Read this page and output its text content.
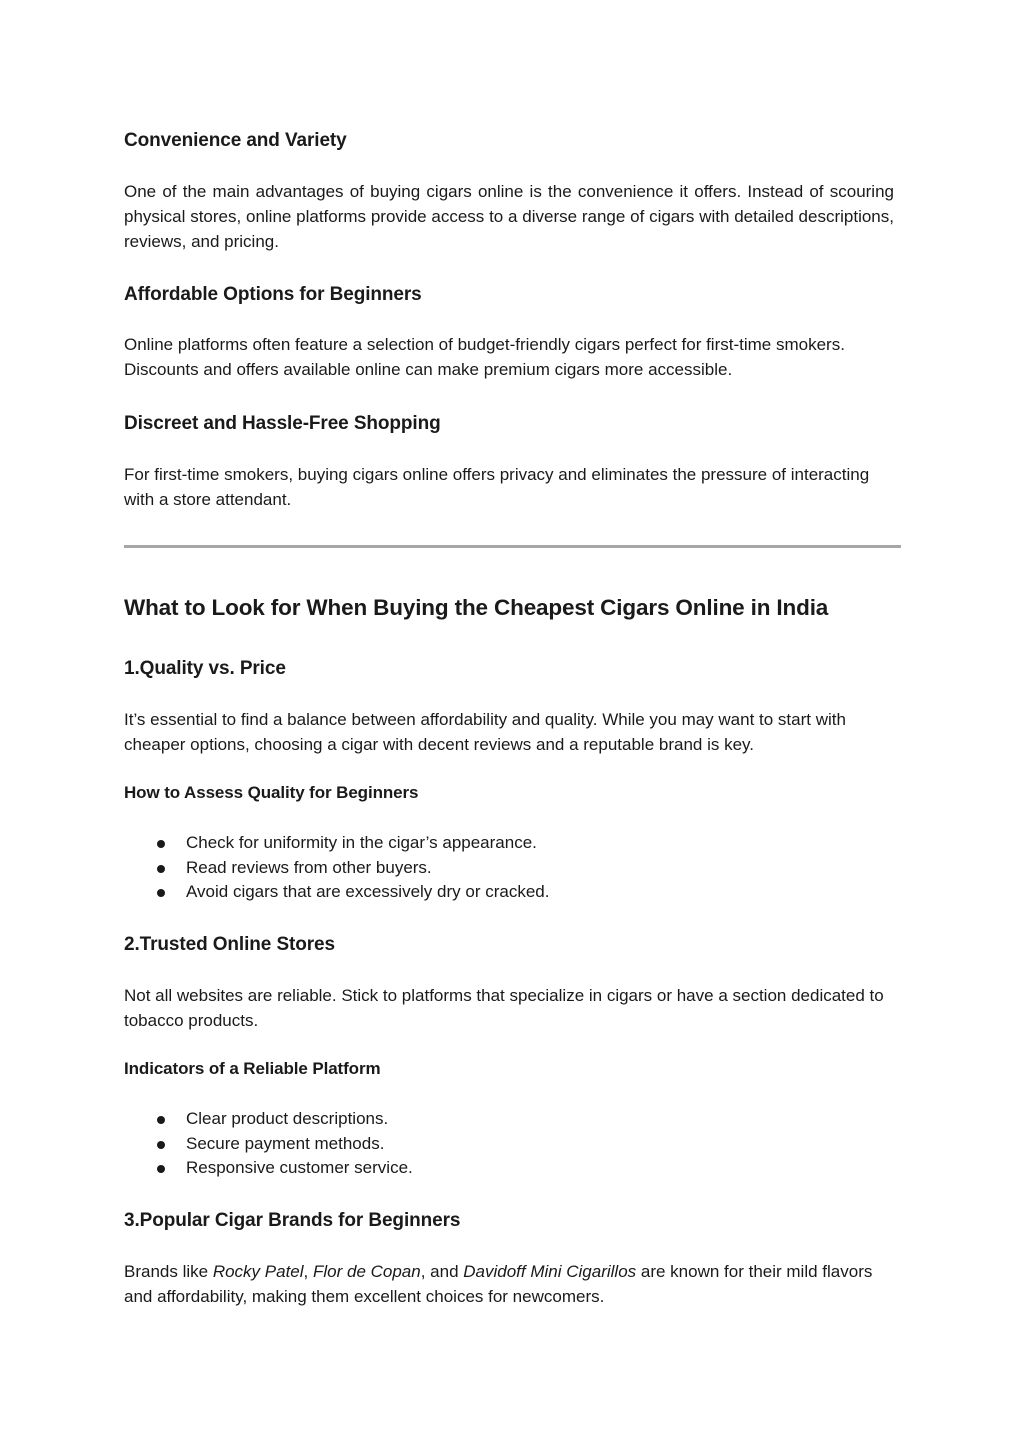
Convenience and Variety

One of the main advantages of buying cigars online is the convenience it offers. Instead of scouring physical stores, online platforms provide access to a diverse range of cigars with detailed descriptions, reviews, and pricing.

Affordable Options for Beginners

Online platforms often feature a selection of budget-friendly cigars perfect for first-time smokers. Discounts and offers available online can make premium cigars more accessible.

Discreet and Hassle-Free Shopping

For first-time smokers, buying cigars online offers privacy and eliminates the pressure of interacting with a store attendant.

What to Look for When Buying the Cheapest Cigars Online in India
1.Quality vs. Price

It’s essential to find a balance between affordability and quality. While you may want to start with cheaper options, choosing a cigar with decent reviews and a reputable brand is key.

How to Assess Quality for Beginners
Check for uniformity in the cigar’s appearance.
Read reviews from other buyers.
Avoid cigars that are excessively dry or cracked.
2.Trusted Online Stores

Not all websites are reliable. Stick to platforms that specialize in cigars or have a section dedicated to tobacco products.

Indicators of a Reliable Platform
Clear product descriptions.
Secure payment methods.
Responsive customer service.
3.Popular Cigar Brands for Beginners

Brands like Rocky Patel, Flor de Copan, and Davidoff Mini Cigarillos are known for their mild flavors and affordability, making them excellent choices for newcomers.
